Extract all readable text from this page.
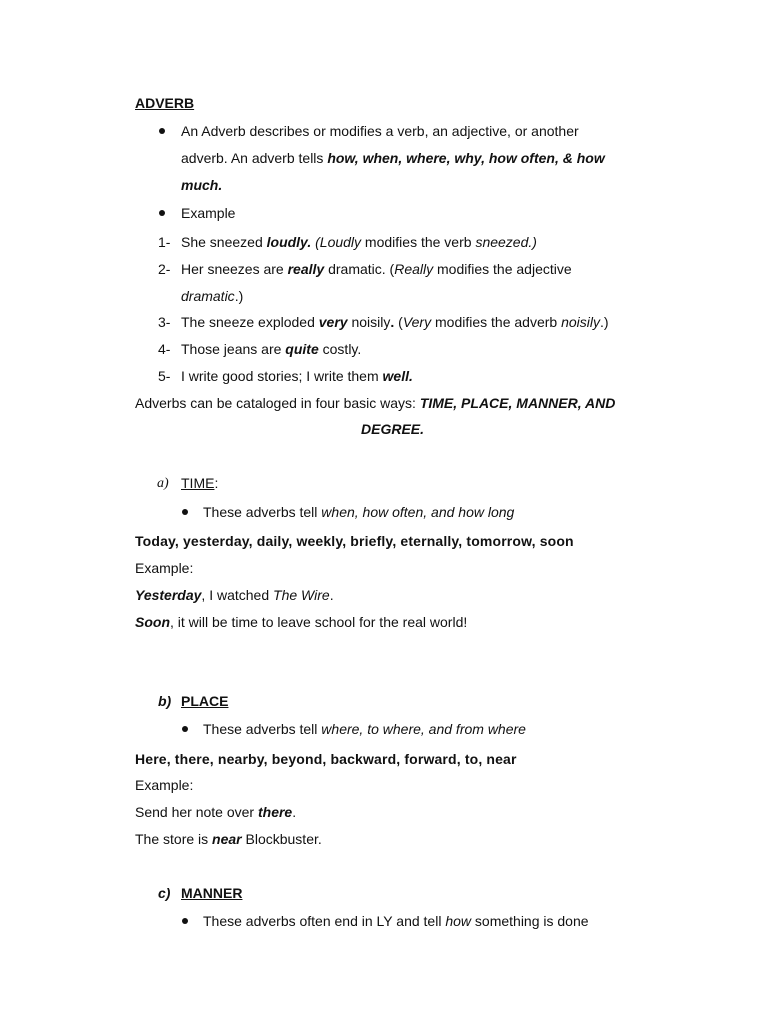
ADVERB
An Adverb describes or modifies a verb, an adjective, or another
adverb. An adverb tells how, when, where, why, how often, & how
much.
Example
1- She sneezed loudly. (Loudly modifies the verb sneezed.)
2- Her sneezes are really dramatic. (Really modifies the adjective
dramatic.)
3- The sneeze exploded very noisily. (Very modifies the adverb noisily.)
4- Those jeans are quite costly.
5- I write good stories; I write them well.
Adverbs can be cataloged in four basic ways: TIME, PLACE, MANNER, AND
DEGREE.
a) TIME:
These adverbs tell when, how often, and how long
Today, yesterday, daily, weekly, briefly, eternally, tomorrow, soon
Example:
Yesterday, I watched The Wire.
Soon, it will be time to leave school for the real world!
b) PLACE
These adverbs tell where, to where, and from where
Here, there, nearby, beyond, backward, forward, to, near
Example:
Send her note over there.
The store is near Blockbuster.
c) MANNER
These adverbs often end in LY and tell how something is done
